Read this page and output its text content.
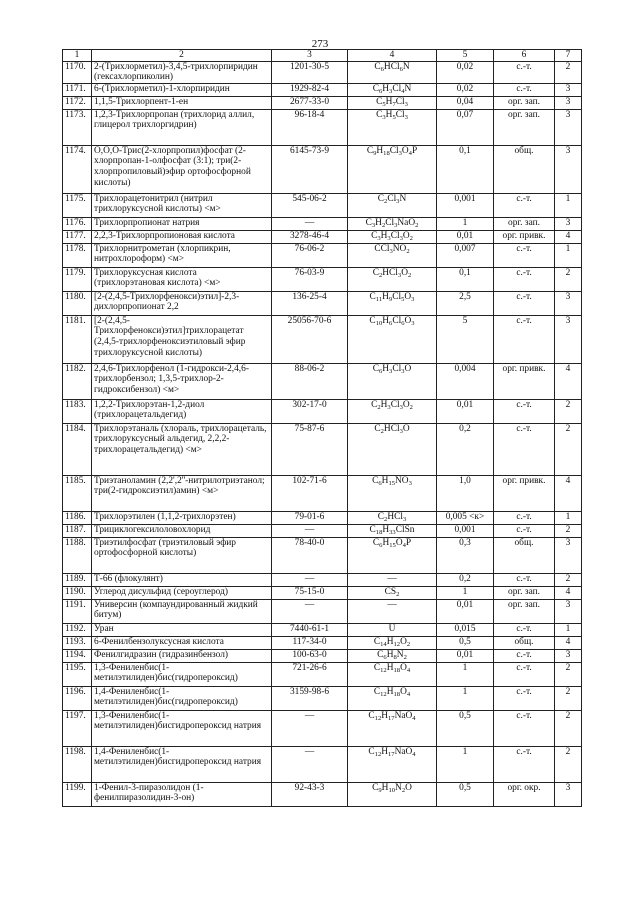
273
1	2	3	4	5	6	7
1170.	2-(Трихлорметил)-3,4,5-трихлорпиридин (гексахлорпиколин)	1201-30-5	$C_6HCl_6N$	0,02	с.-т.	2
1171.	6-(Трихлорметил)-1-хлорпиридин	1929-82-4	$C_6H_3Cl_4N$	0,02	с.-т.	3
1172.	1,1,5-Трихлорпент-1-ен	2677-33-0	$C_5H_7Cl_3$	0,04	орг. зап.	3
1173.	1,2,3-Трихлорпропан (трихлорид аллил, глицерол трихлоргидрин)	96-18-4	$C_3H_5Cl_3$	0,07	орг. зап.	3
1174.	О,О,О-Трис(2-хлорпропил)фосфат (2-хлорпропан-1-олфосфат (3:1); три(2-хлорпропиловый)эфир ортофосфорной кислоты)	6145-73-9	$C_9H_{18}Cl_3O_4P$	0,1	общ.	3
1175.	Трихлорацетонитрил (нитрил трихлоруксусной кислоты) <м>	545-06-2	$C_2Cl_3N$	0,001	с.-т.	1
1176.	Трихлорпропионат натрия	—	$C_3H_2Cl_3NaO_2$	1	орг. зап.	3
1177.	2,2,3-Трихлорпропионовая кислота	3278-46-4	$C_3H_3Cl_3O_2$	0,01	орг. привк.	4
1178.	Трихлорнитрометан (хлорпикрин, нитрохлороформ) <м>	76-06-2	$CCl_3NO_2$	0,007	с.-т.	1
1179.	Трихлоруксусная кислота (трихлорэтановая кислота) <м>	76-03-9	$C_2HCl_3O_2$	0,1	с.-т.	2
1180.	[2-(2,4,5-Трихлорфенокси)этил]-2,3-дихлорпропионат 2,2	136-25-4	$C_{11}H_9Cl_5O_3$	2,5	с.-т.	3
1181.	[2-(2,4,5-Трихлорфенокси)этил]трихлорацетат (2,4,5-трихлорфеноксиэтиловый эфир трихлоруксусной кислоты)	25056-70-6	$C_{10}H_6Cl_6O_3$	5	с.-т.	3
1182.	2,4,6-Трихлорфенол (1-гидрокси-2,4,6-трихлорбензол; 1,3,5-трихлор-2-гидроксибензол) <м>	88-06-2	$C_6H_3Cl_3O$	0,004	орг. привк.	4
1183.	1,2,2-Трихлорэтан-1,2-диол (трихлорацетальдегид)	302-17-0	$C_2H_3Cl_3O_2$	0,01	с.-т.	2
1184.	Трихлорэтаналь (хлораль, трихлорацеталь, трихлоруксусный альдегид, 2,2,2-трихлорацетальдегид) <м>	75-87-6	$C_2HCl_3O$	0,2	с.-т.	2
1185.	Триэтаноламин (2,2',2''-нитрилотриэтанол; три(2-гидроксиэтил)амин) <м>	102-71-6	$C_6H_{15}NO_3$	1,0	орг. привк.	4
1186.	Трихлорэтилен (1,1,2-трихлорэтен)	79-01-6	$C_2HCl_3$	0,005 <к>	с.-т.	1
1187.	Трициклогексилоловохлорид	—	$C_{18}H_{33}ClSn$	0,001	с.-т.	2
1188.	Триэтилфосфат (триэтиловый эфир ортофосфорной кислоты)	78-40-0	$C_6H_{15}O_4P$	0,3	общ.	3
1189.	Т-66 (флокулянт)	—	—	0,2	с.-т.	2
1190.	Углерод дисульфид (сероуглерод)	75-15-0	$CS_2$	1	орг. зап.	4
1191.	Универсин (компаундированный жидкий битум)	—	—	0,01	орг. зап.	3
1192.	Уран	7440-61-1	U	0,015	с.-т.	1
1193.	6-Фенилбензолуксусная кислота	117-34-0	$C_{14}H_{12}O_2$	0,5	общ.	4
1194.	Фенилгидразин (гидразинбензол)	100-63-0	$C_6H_8N_2$	0,01	с.-т.	3
1195.	1,3-Фениленбис(1-метилэтилиден)бис(гидропероксид)	721-26-6	$C_{12}H_{18}O_4$	1	с.-т.	2
1196.	1,4-Фениленбис(1-метилэтилиден)бис(гидропероксид)	3159-98-6	$C_{12}H_{18}O_4$	1	с.-т.	2
1197.	1,3-Фениленбис(1-метилэтилиден)бисгидропероксид натрия	—	$C_{12}H_{17}NaO_4$	0,5	с.-т.	2
1198.	1,4-Фениленбис(1-метилэтилиден)бисгидропероксид натрия	—	$C_{12}H_{17}NaO_4$	1	с.-т.	2
1199.	1-Фенил-3-пиразолидон (1-фенилпиразолидин-3-он)	92-43-3	$C_9H_{10}N_2O$	0,5	орг. окр.	3
